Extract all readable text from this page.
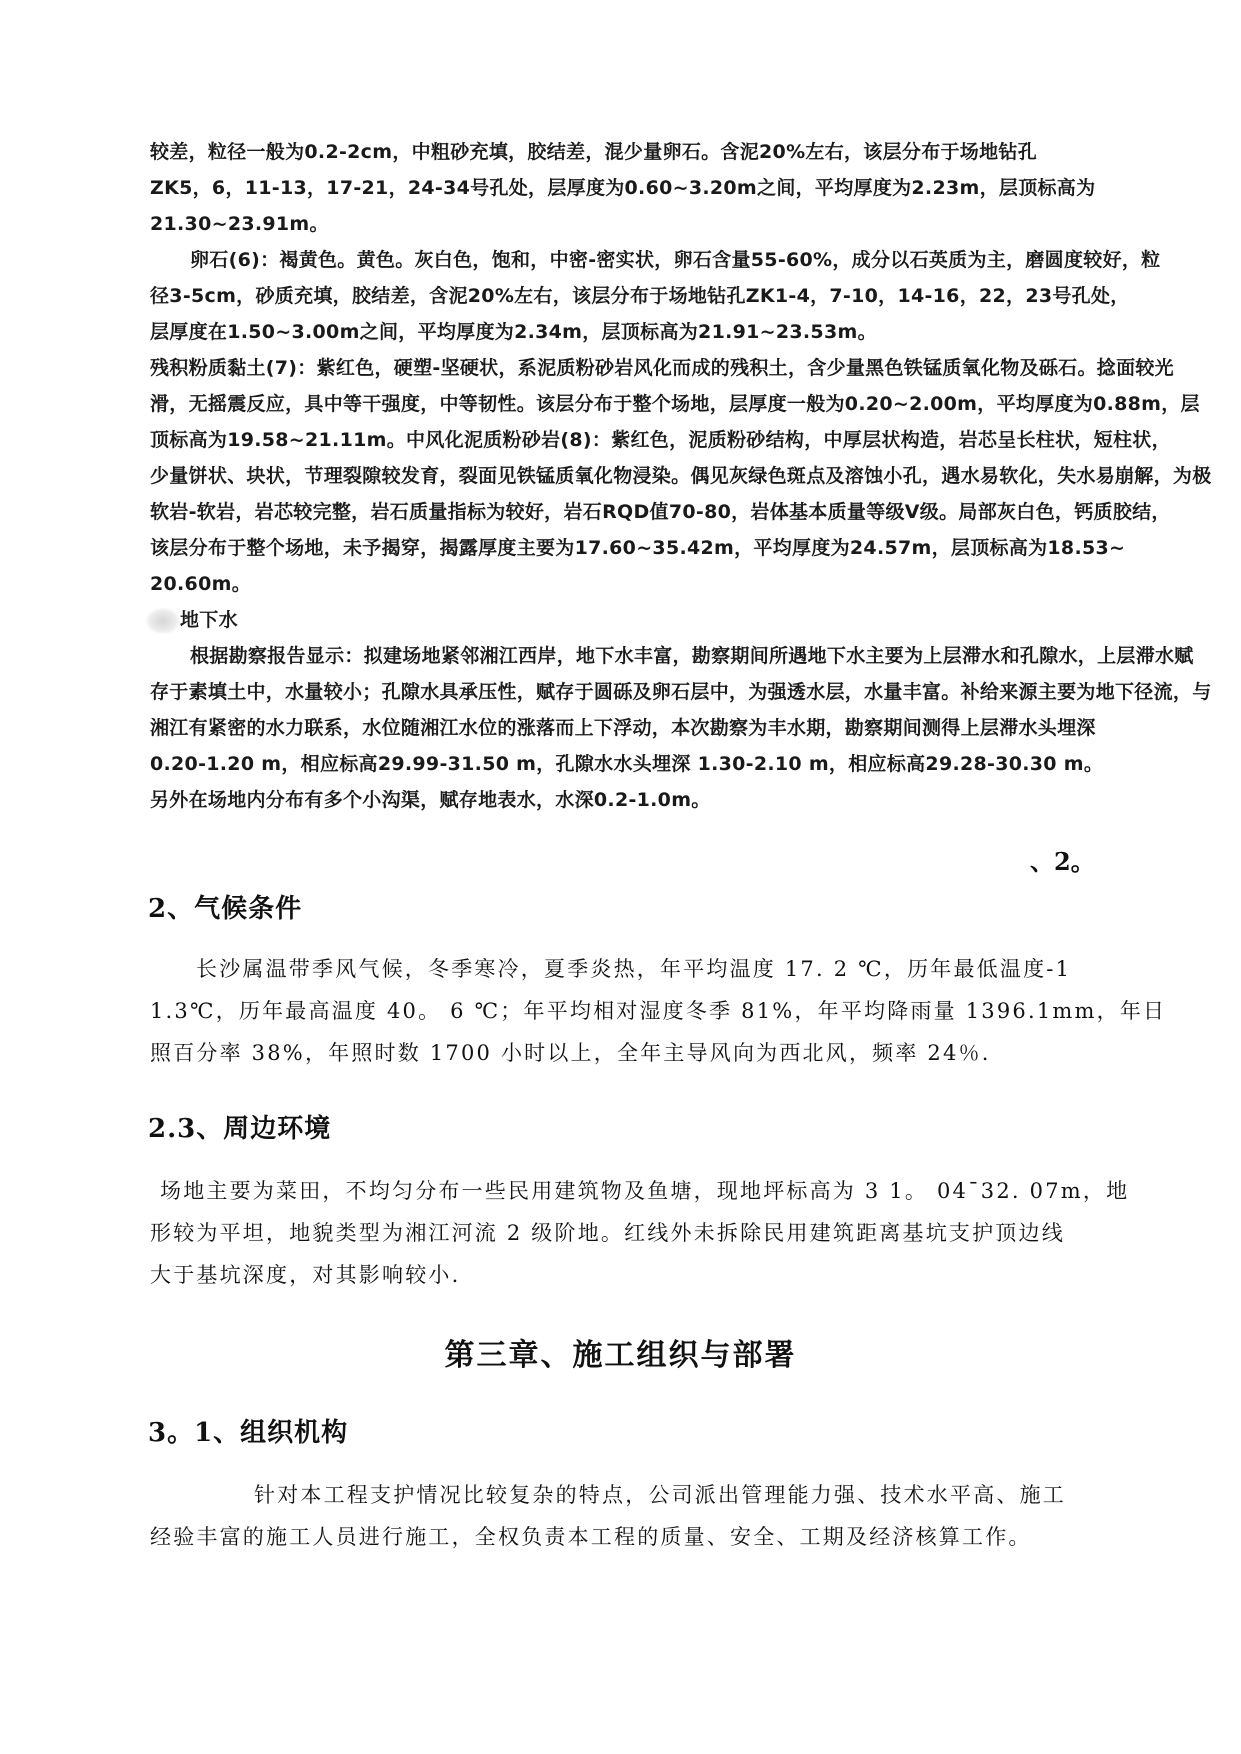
较差，粒径一般为0.2-2cm，中粗砂充填，胶结差，混少量卵石。含泥20%左右，该层分布于场地钻孔
ZK5，6，11-13，17-21，24-34号孔处，层厚度为0.60~3.20m之间，平均厚度为2.23m，层顶标高为
21.30~23.91m。
卵石(6)：褐黄色。黄色。灰白色，饱和，中密-密实状，卵石含量55-60%，成分以石英质为主，磨圆度较好，粒
径3-5cm，砂质充填，胶结差，含泥20%左右，该层分布于场地钻孔ZK1-4，7-10，14-16，22，23号孔处，
层厚度在1.50~3.00m之间，平均厚度为2.34m，层顶标高为21.91~23.53m。
残积粉质黏土(7)：紫红色，硬塑-坚硬状，系泥质粉砂岩风化而成的残积土，含少量黑色铁锰质氧化物及砾石。捻面较光
滑，无摇震反应，具中等干强度，中等韧性。该层分布于整个场地，层厚度一般为0.20~2.00m，平均厚度为0.88m，层
顶标高为19.58~21.11m。中风化泥质粉砂岩(8)：紫红色，泥质粉砂结构，中厚层状构造，岩芯呈长柱状，短柱状，
少量饼状、块状，节理裂隙较发育，裂面见铁锰质氧化物浸染。偶见灰绿色斑点及溶蚀小孔，遇水易软化，失水易崩解，为极
软岩-软岩，岩芯较完整，岩石质量指标为较好，岩石RQD值70-80，岩体基本质量等级V级。局部灰白色，钙质胶结，
该层分布于整个场地，未予揭穿，揭露厚度主要为17.60~35.42m，平均厚度为24.57m，层顶标高为18.53~
20.60m。
地下水
根据勘察报告显示：拟建场地紧邻湘江西岸，地下水丰富，勘察期间所遇地下水主要为上层滞水和孔隙水，上层滞水赋
存于素填土中，水量较小；孔隙水具承压性，赋存于圆砾及卵石层中，为强透水层，水量丰富。补给来源主要为地下径流，与
湘江有紧密的水力联系，水位随湘江水位的涨落而上下浮动，本次勘察为丰水期，勘察期间测得上层滞水头埋深
0.20-1.20 m，相应标高29.99-31.50 m，孔隙水水头埋深 1.30-2.10 m，相应标高29.28-30.30 m。
另外在场地内分布有多个小沟渠，赋存地表水，水深0.2-1.0m。
、2。
2、气候条件
长沙属温带季风气候，冬季寒冷，夏季炎热，年平均温度 17. 2 ℃，历年最低温度-1
1.3℃，历年最高温度 40。 6 ℃；年平均相对湿度冬季 81%，年平均降雨量 1396.1mm，年日
照百分率 38%，年照时数 1700 小时以上，全年主导风向为西北风，频率 24％.
2.3、周边环境
场地主要为菜田，不均匀分布一些民用建筑物及鱼塘，现地坪标高为 3 1。 04¯32. 07m，地
形较为平坦，地貌类型为湘江河流 2 级阶地。红线外未拆除民用建筑距离基坑支护顶边线
大于基坑深度，对其影响较小.
第三章、施工组织与部署
3。1、组织机构
针对本工程支护情况比较复杂的特点，公司派出管理能力强、技术水平高、施工
经验丰富的施工人员进行施工，全权负责本工程的质量、安全、工期及经济核算工作。
